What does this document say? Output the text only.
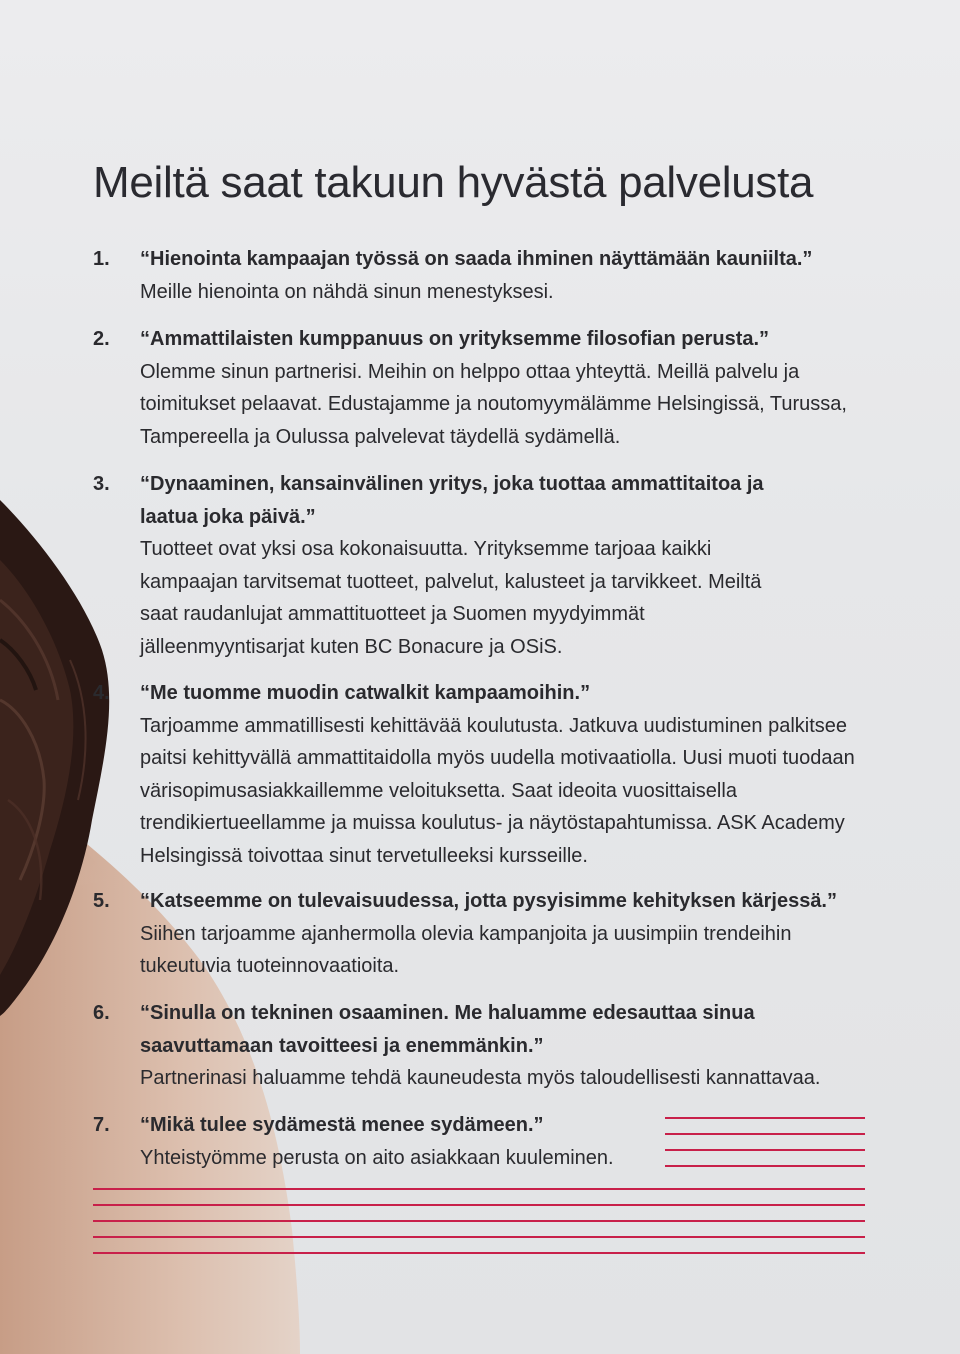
Meiltä saat takuun hyvästä palvelusta
1.	“Hienointa kampaajan työssä on saada ihminen näyttämään kauniilta.”
Meille hienointa on nähdä sinun menestyksesi.
2.	“Ammattilaisten kumppanuus on yrityksemme filosofian perusta.”
Olemme sinun partnerisi. Meihin on helppo ottaa yhteyttä. Meillä palvelu ja toimitukset pelaavat. Edustajamme ja noutomyymälämme Helsingissä, Turussa, Tampereella ja Oulussa palvelevat täydellä sydämellä.
3.	“Dynaaminen, kansainvälinen yritys, joka tuottaa ammattitaitoa ja laatua joka päivä.”
Tuotteet ovat yksi osa kokonaisuutta. Yrityksemme tarjoaa kaikki kampaajan tarvitsemat tuotteet, palvelut, kalusteet ja tarvikkeet. Meiltä saat raudanlujat ammattituotteet ja Suomen myydyimmät jälleenmyyntisarjat kuten BC Bonacure ja OSiS.
4.	“Me tuomme muodin catwalkit kampaamoihin.”
Tarjoamme ammatillisesti kehittävää koulutusta. Jatkuva uudistuminen palkitsee paitsi kehittyvällä ammattitaidolla myös uudella motivaatiolla. Uusi muoti tuodaan värisopimusasiakkaillemme veloituksetta. Saat ideoita vuosittaisella trendikiertueellamme ja muissa koulutus- ja näytöstapahtumissa. ASK Academy Helsingissä toivottaa sinut tervetulleeksi kursseille.
5.	“Katseemme on tulevaisuudessa, jotta pysyisimme kehityksen kärjessä.”
Siihen tarjoamme ajanhermolla olevia kampanjoita ja uusimpiin trendeihin tukeutuvia tuoteinnovaatioita.
6.	“Sinulla on tekninen osaaminen. Me haluamme edesauttaa sinua saavuttamaan tavoitteesi ja enemmänkin.”
Partnerinasi haluamme tehdä kauneudesta myös taloudellisesti kannattavaa.
7.	“Mikä tulee sydämestä menee sydämeen.”
Yhteistyömme perusta on aito asiakkaan kuuleminen.
